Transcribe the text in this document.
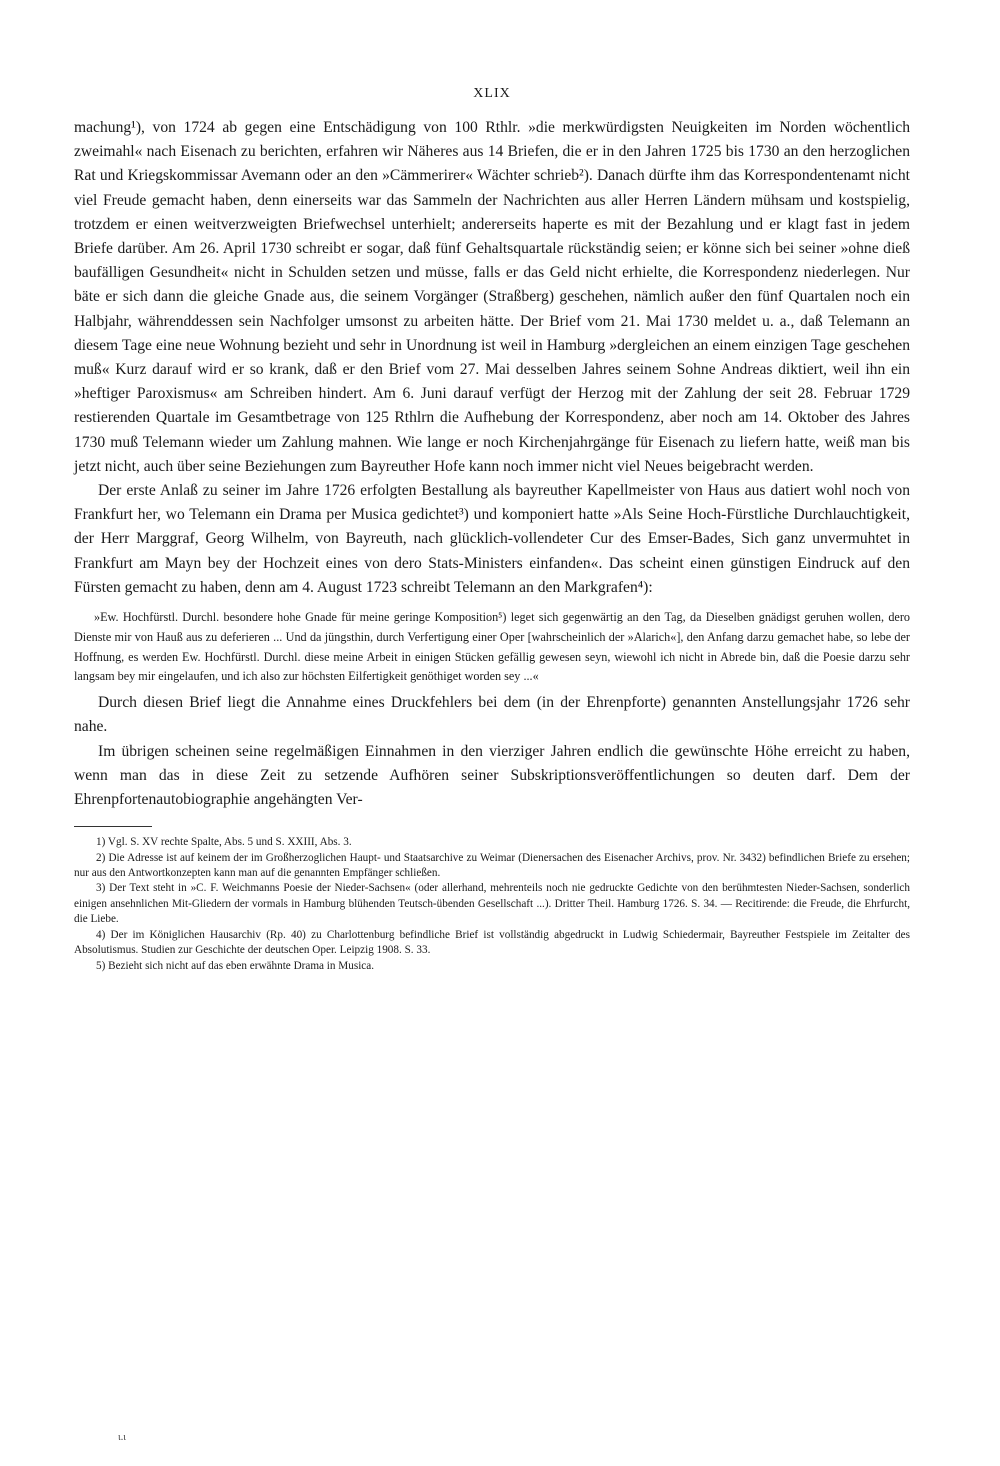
XLIX

machung¹), von 1724 ab gegen eine Entschädigung von 100 Rthlr. »die merkwürdigsten Neuigkeiten im Norden wöchentlich zweimahl« nach Eisenach zu berichten, erfahren wir Näheres aus 14 Briefen, die er in den Jahren 1725 bis 1730 an den herzoglichen Rat und Kriegskommissar Avemann oder an den »Cämmerirer« Wächter schrieb²). Danach dürfte ihm das Korrespondentenamt nicht viel Freude gemacht haben, denn einerseits war das Sammeln der Nachrichten aus aller Herren Ländern mühsam und kostspielig, trotzdem er einen weitverzweigten Briefwechsel unterhielt; andererseits haperte es mit der Bezahlung und er klagt fast in jedem Briefe darüber. Am 26. April 1730 schreibt er sogar, daß fünf Gehaltsquartale rückständig seien; er könne sich bei seiner »ohne dieß baufälligen Gesundheit« nicht in Schulden setzen und müsse, falls er das Geld nicht erhielte, die Korrespondenz niederlegen. Nur bäte er sich dann die gleiche Gnade aus, die seinem Vorgänger (Straßberg) geschehen, nämlich außer den fünf Quartalen noch ein Halbjahr, währenddessen sein Nachfolger umsonst zu arbeiten hätte. Der Brief vom 21. Mai 1730 meldet u. a., daß Telemann an diesem Tage eine neue Wohnung bezieht und sehr in Unordnung ist weil in Hamburg »dergleichen an einem einzigen Tage geschehen muß« Kurz darauf wird er so krank, daß er den Brief vom 27. Mai desselben Jahres seinem Sohne Andreas diktiert, weil ihn ein »heftiger Paroxismus« am Schreiben hindert. Am 6. Juni darauf verfügt der Herzog mit der Zahlung der seit 28. Februar 1729 restierenden Quartale im Gesamtbetrage von 125 Rthlrn die Aufhebung der Korrespondenz, aber noch am 14. Oktober des Jahres 1730 muß Telemann wieder um Zahlung mahnen. Wie lange er noch Kirchenjahrgänge für Eisenach zu liefern hatte, weiß man bis jetzt nicht, auch über seine Beziehungen zum Bayreuther Hofe kann noch immer nicht viel Neues beigebracht werden.

Der erste Anlaß zu seiner im Jahre 1726 erfolgten Bestallung als bayreuther Kapellmeister von Haus aus datiert wohl noch von Frankfurt her, wo Telemann ein Drama per Musica gedichtet³) und komponiert hatte »Als Seine Hoch-Fürstliche Durchlauchtigkeit, der Herr Marggraf, Georg Wilhelm, von Bayreuth, nach glücklich-vollendeter Cur des Emser-Bades, Sich ganz unvermuhtet in Frankfurt am Mayn bey der Hochzeit eines von dero Stats-Ministers einfanden«. Das scheint einen günstigen Eindruck auf den Fürsten gemacht zu haben, denn am 4. August 1723 schreibt Telemann an den Markgrafen⁴):

»Ew. Hochfürstl. Durchl. besondere hohe Gnade für meine geringe Komposition⁵) leget sich gegenwärtig an den Tag, da Dieselben gnädigst geruhen wollen, dero Dienste mir von Hauß aus zu deferieren ... Und da jüngsthin, durch Verfertigung einer Oper [wahrscheinlich der »Alarich«], den Anfang darzu gemachet habe, so lebe der Hoffnung, es werden Ew. Hochfürstl. Durchl. diese meine Arbeit in einigen Stücken gefällig gewesen seyn, wiewohl ich nicht in Abrede bin, daß die Poesie darzu sehr langsam bey mir eingelaufen, und ich also zur höchsten Eilfertigkeit genöthiget worden sey ...«

Durch diesen Brief liegt die Annahme eines Druckfehlers bei dem (in der Ehrenpforte) genannten Anstellungsjahr 1726 sehr nahe.

Im übrigen scheinen seine regelmäßigen Einnahmen in den vierziger Jahren endlich die gewünschte Höhe erreicht zu haben, wenn man das in diese Zeit zu setzende Aufhören seiner Subskriptionsveröffentlichungen so deuten darf. Dem der Ehrenpfortenautobiographie angehängten Ver-

1) Vgl. S. XV rechte Spalte, Abs. 5 und S. XXIII, Abs. 3.

2) Die Adresse ist auf keinem der im Großherzoglichen Haupt- und Staatsarchive zu Weimar (Dienersachen des Eisenacher Archivs, prov. Nr. 3432) befindlichen Briefe zu ersehen; nur aus den Antwortkonzepten kann man auf die genannten Empfänger schließen.

3) Der Text steht in »C. F. Weichmanns Poesie der Nieder-Sachsen« (oder allerhand, mehrenteils noch nie gedruckte Gedichte von den berühmtesten Nieder-Sachsen, sonderlich einigen ansehnlichen Mit-Gliedern der vormals in Hamburg blühenden Teutsch-übenden Gesellschaft ...). Dritter Theil. Hamburg 1726. S. 34. — Recitirende: die Freude, die Ehrfurcht, die Liebe.

4) Der im Königlichen Hausarchiv (Rp. 40) zu Charlottenburg befindliche Brief ist vollständig abgedruckt in Ludwig Schiedermair, Bayreuther Festspiele im Zeitalter des Absolutismus. Studien zur Geschichte der deutschen Oper. Leipzig 1908. S. 33.

5) Bezieht sich nicht auf das eben erwähnte Drama in Musica.

ι.ι
